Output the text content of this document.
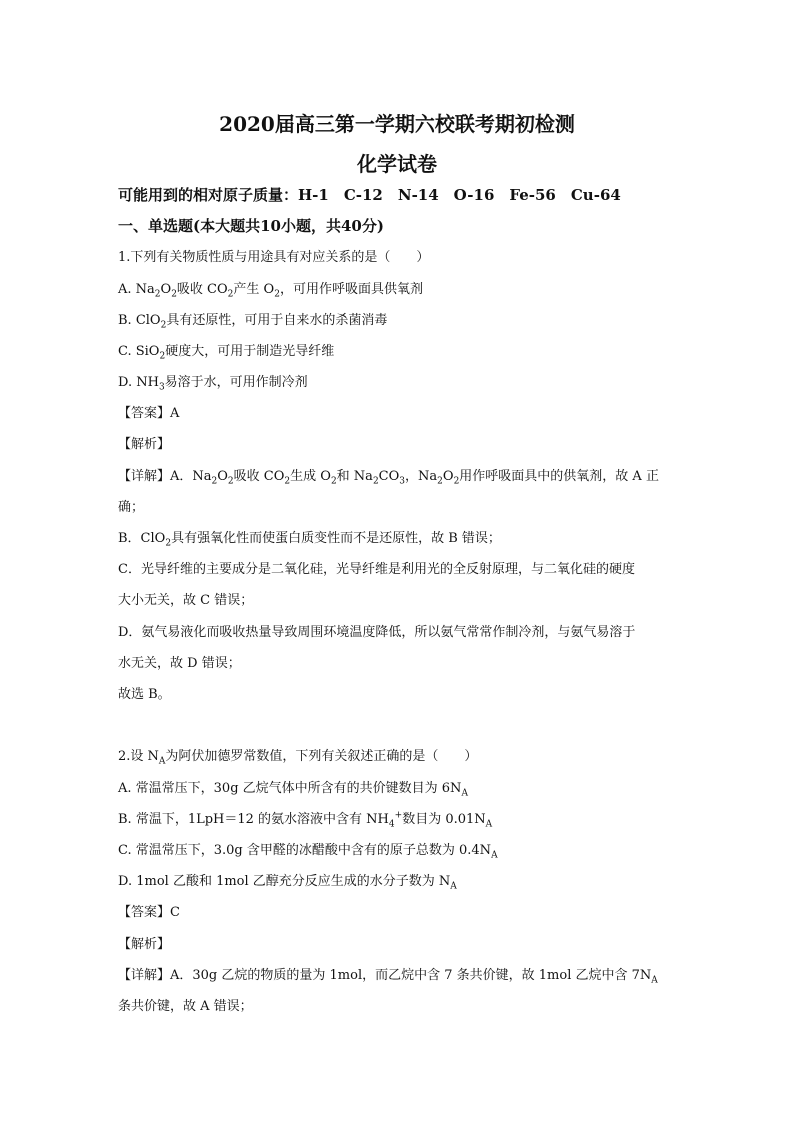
2020届高三第一学期六校联考期初检测
化学试卷
可能用到的相对原子质量：H-1　C-12　N-14　O-16　Fe-56　Cu-64
一、单选题(本大题共10小题，共40分)
1.下列有关物质性质与用途具有对应关系的是（　　）
A. $Na_2O_2$吸收 $CO_2$产生 $O_2$，可用作呼吸面具供氧剂
B. ClO$_2$具有还原性，可用于自来水的杀菌消毒
C. SiO$_2$硬度大，可用于制造光导纤维
D. $NH_3$易溶于水，可用作制冷剂
【答案】A
【解析】
【详解】A．$Na_2O_2$吸收 $CO_2$生成 $O_2$和 $Na_2CO_3$，$Na_2O_2$用作呼吸面具中的供氧剂，故 A 正
确；
B．ClO$_2$具有强氧化性而使蛋白质变性而不是还原性，故 B 错误；
C．光导纤维的主要成分是二氧化硅，光导纤维是利用光的全反射原理，与二氧化硅的硬度
大小无关，故 C 错误；
D．氨气易液化而吸收热量导致周围环境温度降低，所以氨气常常作制冷剂，与氨气易溶于
水无关，故 D 错误；
故选 B。
2.设 $N_A$为阿伏加德罗常数值，下列有关叙述正确的是（　　）
A. 常温常压下，30g 乙烷气体中所含有的共价键数目为 $6N_A$
B. 常温下，1LpH＝12 的氨水溶液中含有 $NH_4^+$数目为 $0.01N_A$
C. 常温常压下，3.0g 含甲醛的冰醋酸中含有的原子总数为 $0.4N_A$
D. 1mol 乙酸和 1mol 乙醇充分反应生成的水分子数为 $N_A$
【答案】C
【解析】
【详解】A．30g 乙烷的物质的量为 1mol，而乙烷中含 7 条共价键，故 1mol 乙烷中含 $7N_A$
条共价键，故 A 错误；
